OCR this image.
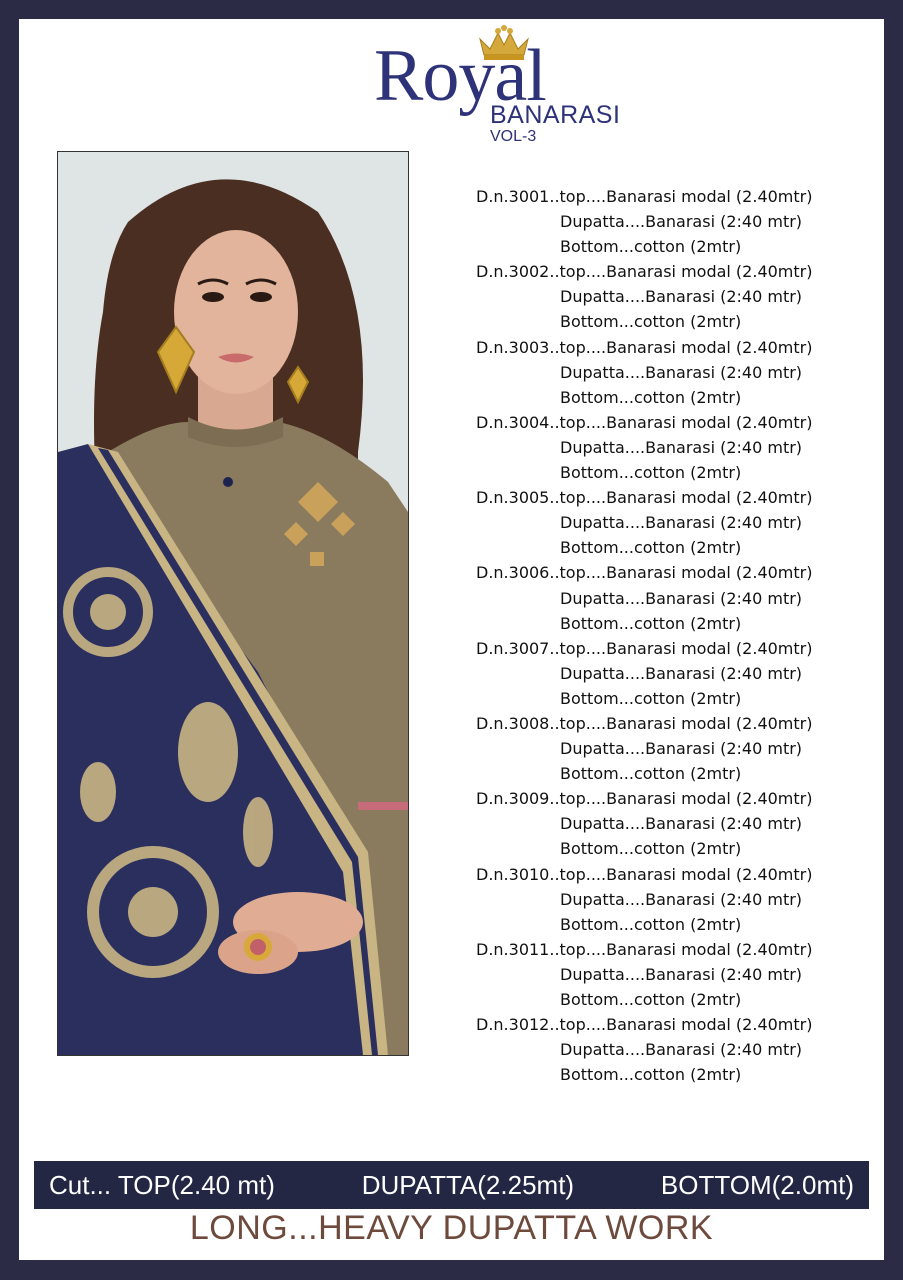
Royal
BANARASI
VOL-3
D.n.3001..top....Banarasi modal (2.40mtr)
Dupatta....Banarasi (2:40 mtr)
Bottom...cotton (2mtr)
D.n.3002..top....Banarasi modal (2.40mtr)
Dupatta....Banarasi (2:40 mtr)
Bottom...cotton (2mtr)
D.n.3003..top....Banarasi modal (2.40mtr)
Dupatta....Banarasi (2:40 mtr)
Bottom...cotton (2mtr)
D.n.3004..top....Banarasi modal (2.40mtr)
Dupatta....Banarasi (2:40 mtr)
Bottom...cotton (2mtr)
D.n.3005..top....Banarasi modal (2.40mtr)
Dupatta....Banarasi (2:40 mtr)
Bottom...cotton (2mtr)
D.n.3006..top....Banarasi modal (2.40mtr)
Dupatta....Banarasi (2:40 mtr)
Bottom...cotton (2mtr)
D.n.3007..top....Banarasi modal (2.40mtr)
Dupatta....Banarasi (2:40 mtr)
Bottom...cotton (2mtr)
D.n.3008..top....Banarasi modal (2.40mtr)
Dupatta....Banarasi (2:40 mtr)
Bottom...cotton (2mtr)
D.n.3009..top....Banarasi modal (2.40mtr)
Dupatta....Banarasi (2:40 mtr)
Bottom...cotton (2mtr)
D.n.3010..top....Banarasi modal (2.40mtr)
Dupatta....Banarasi (2:40 mtr)
Bottom...cotton (2mtr)
D.n.3011..top....Banarasi modal (2.40mtr)
Dupatta....Banarasi (2:40 mtr)
Bottom...cotton (2mtr)
D.n.3012..top....Banarasi modal (2.40mtr)
Dupatta....Banarasi (2:40 mtr)
Bottom...cotton (2mtr)
Cut... TOP(2.40 mt)	DUPATTA(2.25mt)	BOTTOM(2.0mt)
LONG...HEAVY DUPATTA WORK
